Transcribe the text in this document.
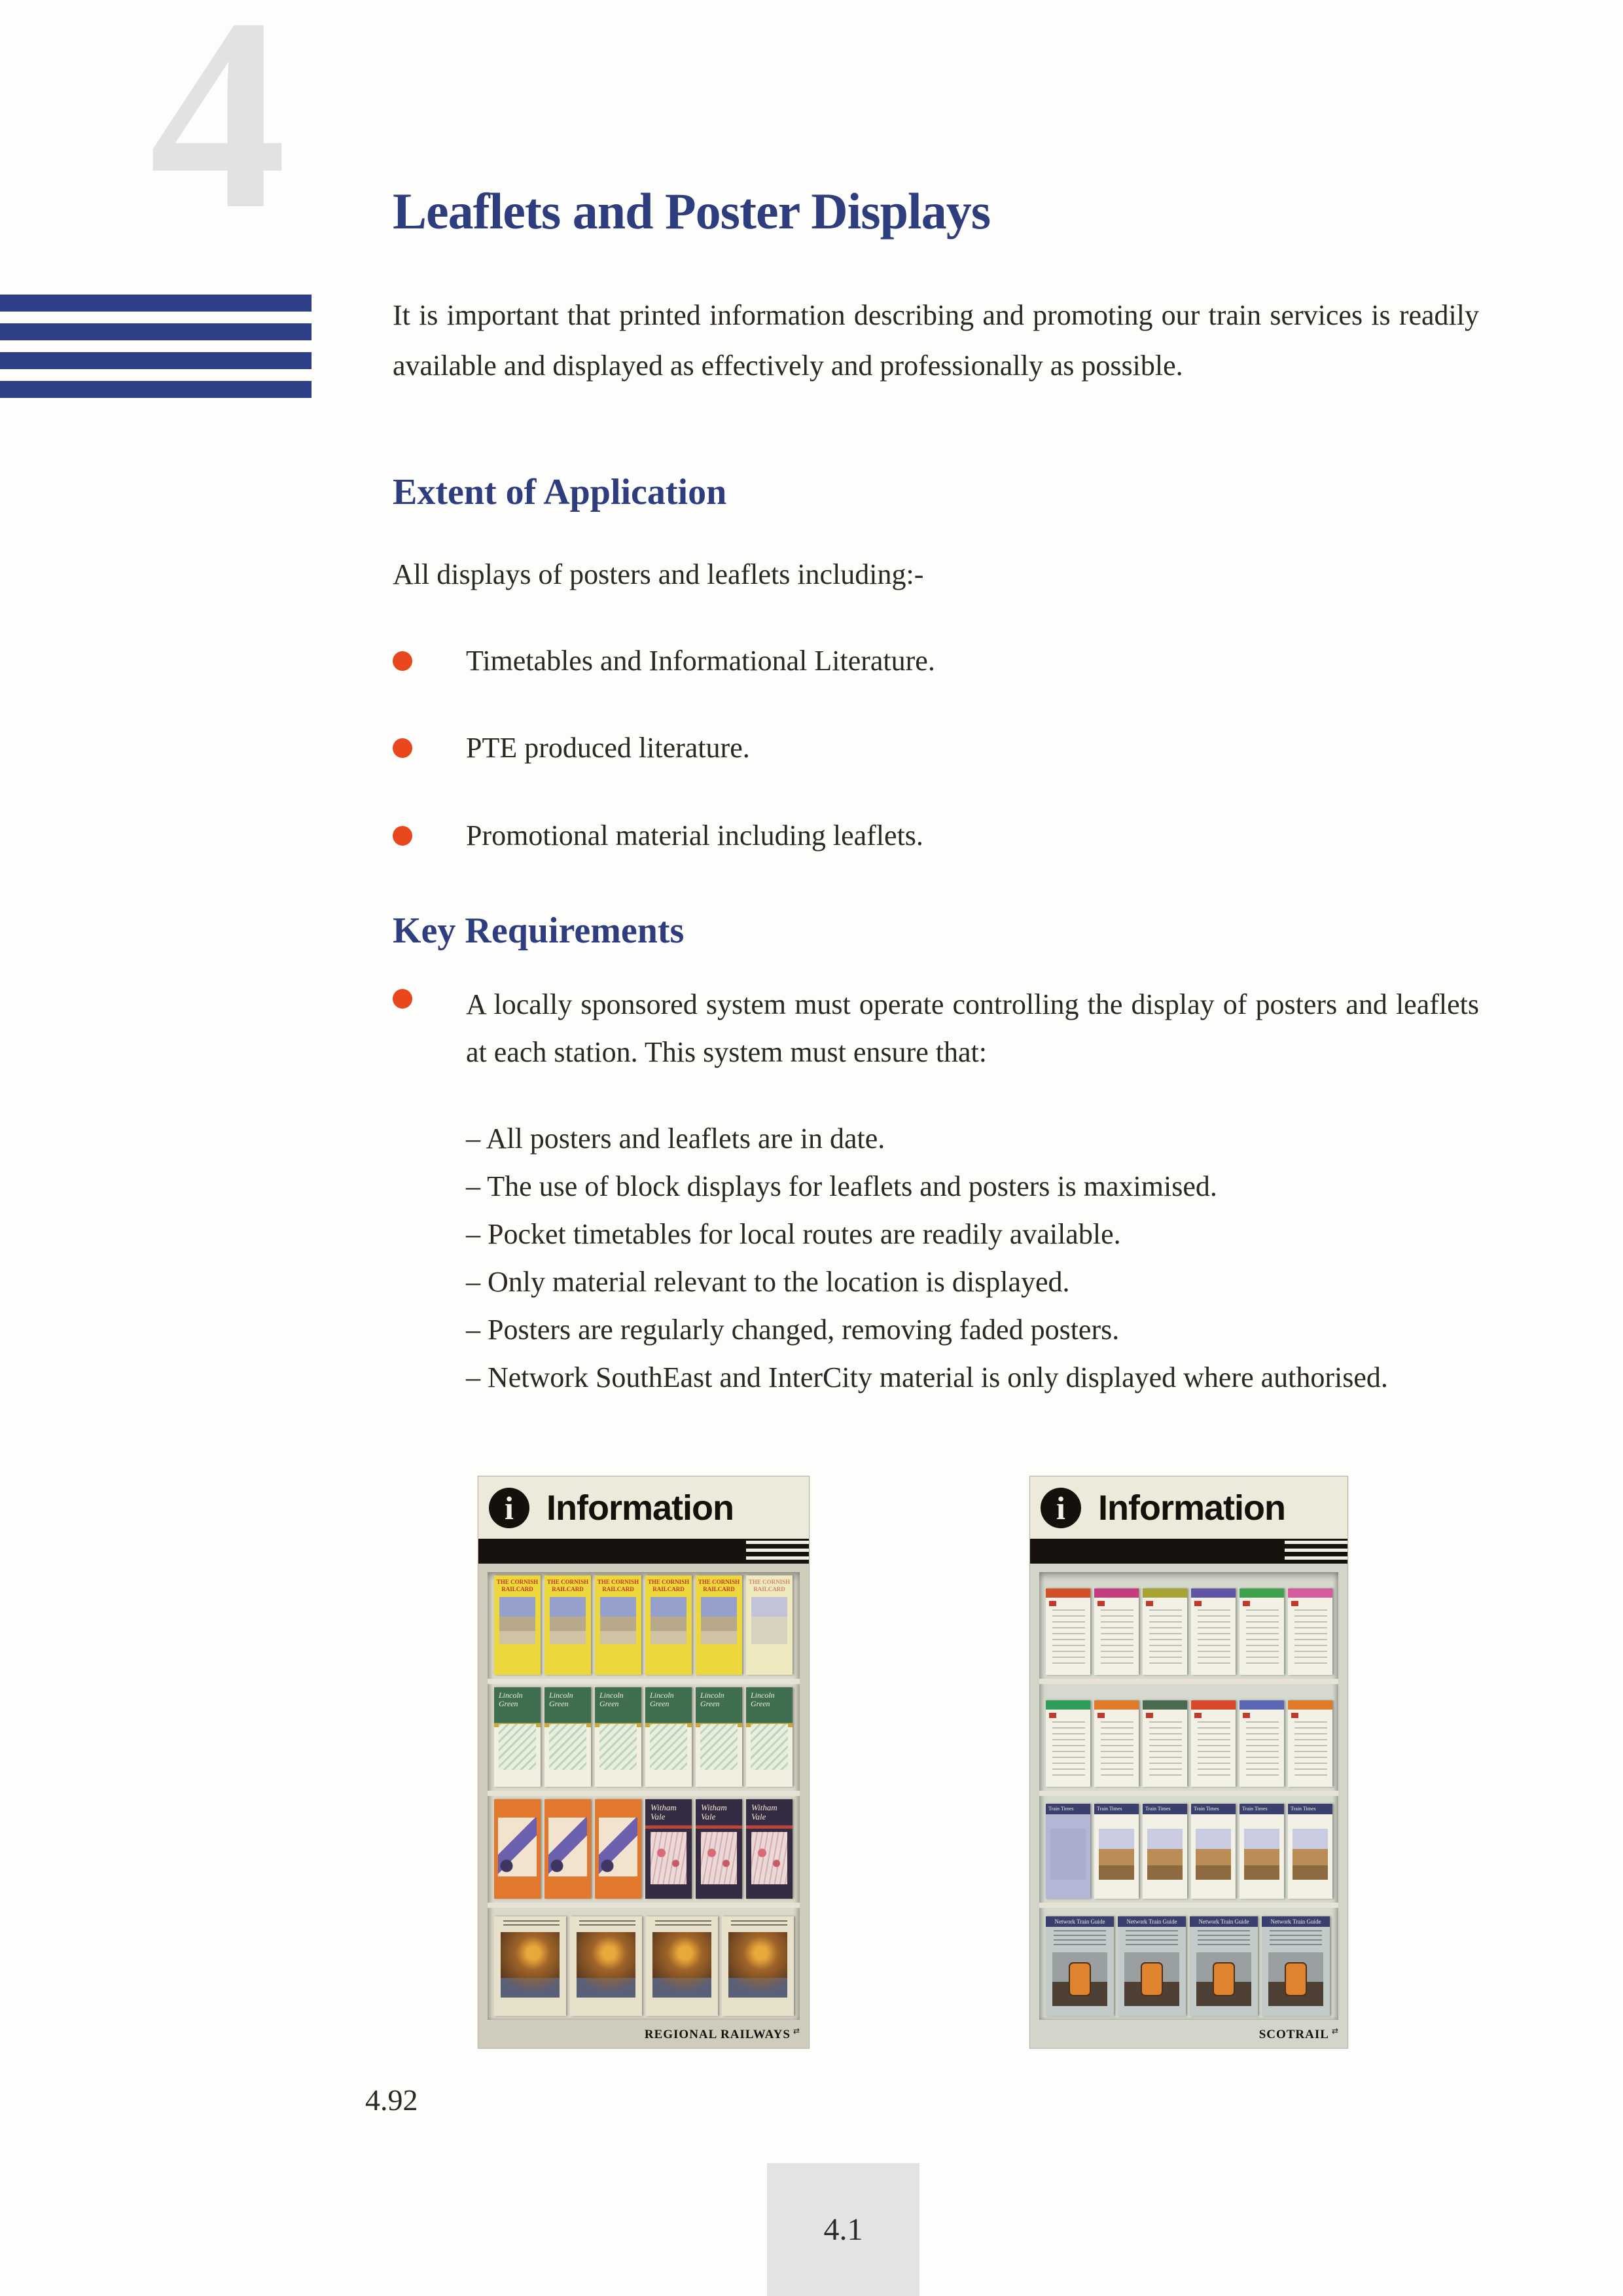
4 Leaflets and Poster Displays
It is important that printed information describing and promoting our train services is readily available and displayed as effectively and professionally as possible.
Extent of Application
All displays of posters and leaflets including:-
Timetables and Informational Literature.
PTE produced literature.
Promotional material including leaflets.
Key Requirements
A locally sponsored system must operate controlling the display of posters and leaflets at each station. This system must ensure that:
– All posters and leaflets are in date.
– The use of block displays for leaflets and posters is maximised.
– Pocket timetables for local routes are readily available.
– Only material relevant to the location is displayed.
– Posters are regularly changed, removing faded posters.
– Network SouthEast and InterCity material is only displayed where authorised.
i Information
THE CORNISH RAILCARD
THE CORNISH RAILCARD
THE CORNISH RAILCARD
THE CORNISH RAILCARD
THE CORNISH RAILCARD
THE CORNISH RAILCARD
Lincoln Green
Lincoln Green
Lincoln Green
Lincoln Green
Lincoln Green
Lincoln Green
Witham Vale
Witham Vale
Witham Vale
REGIONAL RAILWAYS ⇄
i Information
Train Times	Train Times	Train Times	Train Times	Train Times	Train Times
Network Train Guide	Network Train Guide	Network Train Guide	Network Train Guide
SCOTRAIL ⇄
4.92
4.1
